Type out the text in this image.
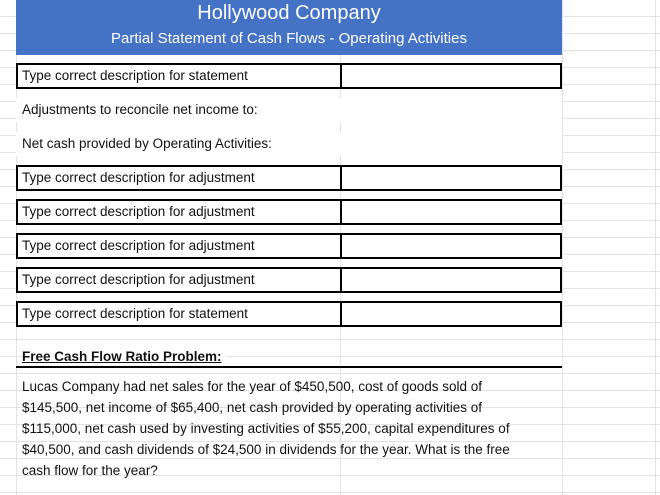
Hollywood Company
Partial Statement of Cash Flows - Operating Activities
Type correct description for statement
Adjustments to reconcile net income to:
Net cash provided by Operating Activities:
Type correct description for adjustment
Type correct description for adjustment
Type correct description for adjustment
Type correct description for adjustment
Type correct description for statement
Free Cash Flow Ratio Problem:
Lucas Company had net sales for the year of $450,500, cost of goods sold of
$145,500, net income of $65,400, net cash provided by operating activities of
$115,000, net cash used by investing activities of $55,200, capital expenditures of
$40,500, and cash dividends of $24,500 in dividends for the year. What is the free
cash flow for the year?
